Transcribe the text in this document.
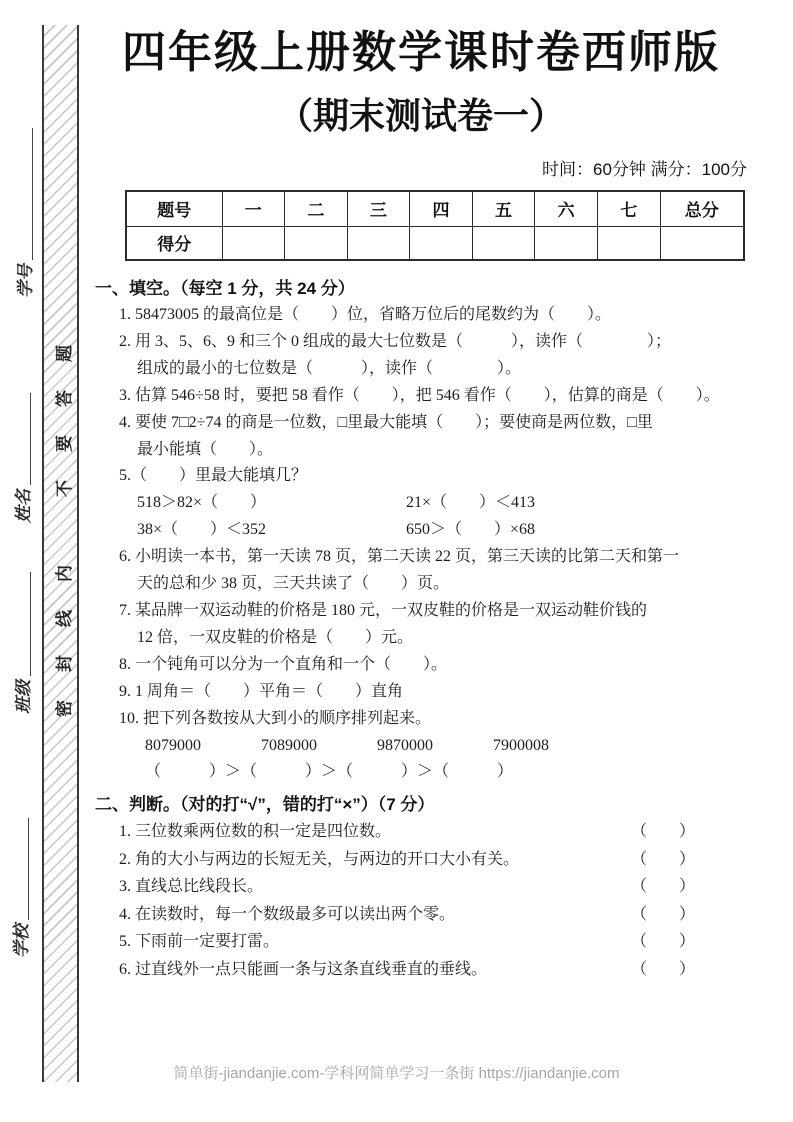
密封线内
不要答题
学号
姓名
班级
学校
四年级上册数学课时卷西师版
（期末测试卷一）
时间：60分钟 满分：100分
题号	一	二	三	四	五	六	七	总分
得分								
一、填空。（每空 1 分，共 24 分）
1. 58473005 的最高位是（　　）位，省略万位后的尾数约为（　　）。
2. 用 3、5、6、9 和三个 0 组成的最大七位数是（　　　），读作（　　　　）；
组成的最小的七位数是（　　　），读作（　　　　）。
3. 估算 546÷58 时，要把 58 看作（　　），把 546 看作（　　），估算的商是（　　）。
4. 要使 7□2÷74 的商是一位数，□里最大能填（　　）；要使商是两位数，□里
最小能填（　　）。
5.（　　）里最大能填几？
518＞82×（　　）	21×（　　）＜413
38×（　　）＜352	650＞（　　）×68
6. 小明读一本书，第一天读 78 页，第二天读 22 页，第三天读的比第二天和第一
天的总和少 38 页，三天共读了（　　）页。
7. 某品牌一双运动鞋的价格是 180 元，一双皮鞋的价格是一双运动鞋价钱的
12 倍，一双皮鞋的价格是（　　）元。
8. 一个钝角可以分为一个直角和一个（　　）。
9. 1 周角＝（　　）平角＝（　　）直角
10. 把下列各数按从大到小的顺序排列起来。
8079000	7089000	9870000	7900008
（　　　）＞（　　　）＞（　　　）＞（　　　）
二、判断。（对的打“√”，错的打“×”）（7 分）
1. 三位数乘两位数的积一定是四位数。	（　　）
2. 角的大小与两边的长短无关，与两边的开口大小有关。	（　　）
3. 直线总比线段长。	（　　）
4. 在读数时，每一个数级最多可以读出两个零。	（　　）
5. 下雨前一定要打雷。	（　　）
6. 过直线外一点只能画一条与这条直线垂直的垂线。	（　　）
简单街-jiandanjie.com-学科网简单学习一条街 https://jiandanjie.com
